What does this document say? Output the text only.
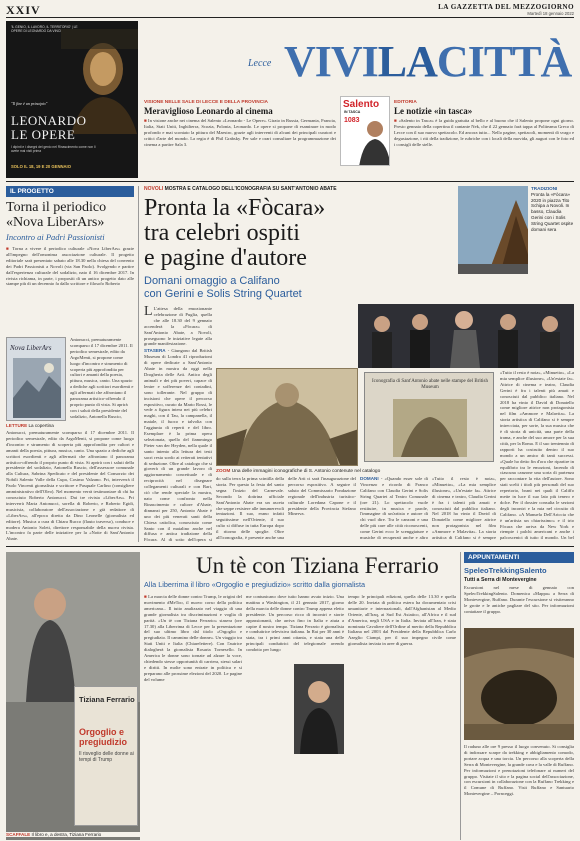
XXIV	LA GAZZETTA DEL MEZZOGIORNO
Martedì 18 gennaio 2022
Lecce VIVILACITTÀ
'IL GENIO, IL LAVORO, IL TERRITORIO' | LE OPERE DI LEONARDO DA VINCI
"Il fine è un principio"
LEONARDO
LE OPERE
I dipinti e i disegni del genio nel Rinascimento come non li avete mai visti prima
SOLO IL 18, 19 E 20 GENNAIO
VISIONE NELLE SALE DI LECCE E DELLA PROVINCIA
Meraviglioso Leonardo al cinema
■ In visione anche nei cinema del Salento «Leonardo - Le Opere». Girato in Russia, Germania, Francia, Italia, Stati Uniti, Inghilterra, Scozia, Polonia, Leonardo. Le opere si propone di esaminare in modo profondo e mai scontato la pittura del Maestro, grazie agli interventi di alcuni dei principali curatori e critici d'arte del mondo. La regia è di Phil Grabsky. Per sale e orari consultare la programmazione dei cinema a partire Sala 3.
Salento
IN TASCA
1083
EDITORIA
Le notizie «in tasca»
■ «Salento in Tasca» è la guida gratuita al bello e al buono che il Salento propone ogni giorno. Presto gennaio della copertina il cantante Nek, che il 22 gennaio farà tappa al Politeama Greco di Lecce con il suo nuovo spettacolo. Ed ancora tutto... Nello pagine, spettacoli, momenti di svago e degustazione, i riti della tradizione, le rubriche con i locali della movida, gli auguri con le foto ed i consigli delle stelle.
IL PROGETTO
Torna il periodico «Nova LiberArs»
Incontro ai Padri Passionisti
■ Torna a vivere il periodico culturale «Nova LiberArs» grazie all'impegno dell'omonima associazione culturale. Il progetto editoriale sarà presentato sabato alle 18.30 nella chiesa del convento dei Padri Passionisti a Novoli (via San Paolo). Svolgendo e partire dall'esperienza culturale del sodalizio, nato il 16 dicembre 2017. In rivista richiama, in parte, i propositi di un antico progetto dato alle stampe più di un decennio fa dallo scrittore e filosofo Roberto
Nova LiberArs
Antonucci, prematuramente scomparso il 17 dicembre 2011. Il periodico semestrale, edito da ArgoMenti, si propone come luogo d'incontro e strumento di scoperta più approfondita per cultori e amanti della poesia, pittura, musica, canto. Una spazio a dediche agli scrittori esordienti e agli affermati che affrontano il panorama artistico-offrendo il proprio punto di vista. Si aprirà con i saluti della presidente del sodalizio, Antonella Ruscio,
LETTURE La copertina
Antonucci, prematuramente scomparso il 17 dicembre 2011. Il periodico semestrale, edito da ArgoMenti, si propone come luogo d'incontro e strumento di scoperta più approfondita per cultori e amanti della poesia, pittura, musica, canto. Una spazio a dediche agli scrittori esordienti e agli affermati che affrontano il panorama artistico-offrendo il proprio punto di vista. Si aprirà con i saluti della presidente del sodalizio, Antonella Ruscio, dell'assessore comunale alla Cultura, Sabrina Spedicato e del presidente del Consorzio dei Nobili Salento Valle della Cupa, Cosimo Valzano. Pri, interverrà il Paolo Vincenti giornalista e scrittore e Pasquale Carlino (consigliere amministrativo dell'Oleo). Nel momento verrà testimoniare di chi ha conosciuto Roberto Antonucci. Dai tre rivista «LiberArs». Pri interverrà Maria Antonucci, sorella di Roberto, e Roberto Egidi, musicista, collaboratore dell'associazione e già redattore di «LiberArs», all'epoca diretta da Dino Leonelle (giornalista ed editore). Musica a cura di Chiara Rucco (flauto traverso), conduce e modera Antonio Soleti, direttore responsabile della nuova rivista. L'incontro fa parte delle iniziative per la «Notte di Sant'Antonio Abate.
NOVOLI MOSTRA E CATALOGO DELL'ICONOGRAFIA SU SANT'ANTONIO ABATE
Pronta la «Fòcara»
tra celebri ospiti
e pagine d'autore
Domani omaggio a Califano
con Gerini e Solis String Quartet
TRADIZIONI
Pronta la «Fòcara» 2020 in piazza Tito Schipa a Novoli. In basso, Claudia Gerini con i Solis String Quartet ospite domani sera

L L'attesa della emozionante celebrazione di Puglia, quella che alle 18.30 del 9 gennaio accenderà la «Fòcara» di Sant'Antonio Abate, a Novoli, proseguono le iniziative legate alla grande manifestazione.

STASERA - Giungono dal British Museum di Londra 41 riproduzioni di opere dedicate a Sant'Antonio Abate in mostra da oggi nella Drogheria delle Arti. Antico degli animali e dei più poveri, capace di lenire e sofferenze dei contadini, sono tollerante. Nel gruppo di incisioni che opere il percorso espositivo, curato da Mario Rossi, le vede a figura intera nei più celebri maghi, con il Tau, la campanella, il maiale, il fuoco e talvolta con l'aggiunta di reperti e del libro. Esemplare è la prima opera selezionata, quello del fiammingo Pieter van der Heyden, nella quale il santo intento alla lettura dei testi sacri resta sordo ai reiterati tentativi di seduzione. Oltre al catalogo che si gioverà di un grande lavoro di aggiornamento concettuale e di reciprocità nel disegnare collegamenti culturali e con Bari, ciò che rende speciale la mostra, nato come confronto nella Rinascimento e cultore d'Abate, dinnanzi per 250, Antonio Abate è uno dei più venerati santi della Chiesa cattolica, conosciuto come Santo con il maialino anche nel diffusa e antica tradizione della Fòcara. Al di sotto dell'opera si

Iconografia di Sant'Antonio abate nelle stampe del British Museum
ZOOM Una delle immagini iconografiche di S. Antonio contenute nel catalogo
do sulla terra la prima scintilla della storia. Per questo la festa del santo segna l'inizio del Carnevale. Secondo la dottrina ufficiale Sant'Antonio Abate era un asceta che seppe resistere alle innumerevoli tentazioni. Il suo, erano infatti seguitissime nell'Oriente, il suo culto si diffuse in tutta Europa dopo il ritorno delle spoglie. Oltre all'iconografia, è presente anche una
delle Arti ci sarà l'inaugurazione del percorso espositivo. A seguire il saluto del Commissario Fondazione regionale dell'industria turistico-culturale Loredana Capone e il presidente della Provincia Stefano Minerva.

DOMANI - «Quando esser sole di Vincenzo e ricordo di Franco Califano con Claudia Gerini e Solis String Quartet al Teatro Comunale (ore 21). Lo spettacolo vuole restituire, in musica e parole, l'immagine di un'artista e autore di chi vuol dire. Tra le canzoni e una delle più care alle città riconoscenti, come Gerini ecco le scenggiature e musiche di recuperati anche e altro

«Tutto il resto è noia», «Minuetto», «La mia semplice illusione», «Un'estate fa». Attrice di cinema e teatro, Claudia Gerini è fra i talenti più amati e conosciuti dal pubblico italiano. Nel 2018 ha vinto il David di Donatello come migliore attrice non protagonista nel film «Ammore e Malavita». La storia artistica di Califano si è sempre intrecciata, per sorte, la sua musica che è di storia di unicità, una parte della trama, e anche del suo amore per la sua città, per la Roma. E il suo trentennio di rapporti ha costruito dentro il suo mondo a un amico di tanti successi. «Quale ho detto fin d'ora che ripartire in equilibrio tra le emozioni, facendo di ciascuna canzone una sorta di partenza per raccontare la vita dell'autore. Sono stati scelti i titoli più personali del suo repertorio, brani nei quali il Califfo mette in luce il suo lato più tenero e dolce. Per il dossier consulta le sezioni degli incontri e la mia nel circuito di Califano. «A Manuela Dell'Ariccia che è un'artista un chiarissimo» e il trio Fòcara che arriva da New York e riempie i palchi americani e anche i palcoscenici di tutto il mondo. Un bel
«Tutto il resto è noia», «Minuetto», «La mia semplice illusione», «Un'estate fa». Attrice di cinema e teatro, Claudia Gerini è fra i talenti più amati e conosciuti dal pubblico italiano. Nel 2018 ha vinto il David di Donatello come migliore attrice non protagonista nel film «Ammore e Malavita». La storia artistica di Califano si è sempre
Tiziana Ferrario
Orgoglio e pregiudizio
Il risveglio delle donne ai tempi di Trump
SCAFFALE Il libro e, a destra, Tiziana Ferrario
Un tè con Tiziana Ferrario
Alla Liberrima il libro «Orgoglio e pregiudizio» scritto dalla giornalista
■ La marcia delle donne contro Trump, le origini del movimento #MeToo, il nuovo corso della politica americana... Il tutto analizzato nel viaggio di una grande giornalista tra discriminazioni e voglia di parità. «Un tè con Tiziana Ferrario» stasera (ore 17.30) alla Liberrima di Lecce per la presentazione del suo ultimo libro dal titolo «Orgoglio e pregiudizio. Il cammino delle donne». Un viaggio tra Stati Uniti e Italia (Chiarelettere). Con l'autrice dialogherà la giornalista Rosaria Tornesello. In America le donne sono tornate ad alzare la voce, chiedendo stesse opportunità di carriera, stessi salari e diritti. In molte sono entrate in politica e si preparano alle prossime elezioni del 2020. Le pagine del volume
me contunicano dove tutto hanno avuto inizio. Una mattina a Washington, il 21 gennaio 2017, giorno della marcia delle donne contro Trump appena eletto presidente. Un percorso ricco di incontri e storie appassionanti, che arriva fino in Italia e aiuta a capire il nostro tempo. Tiziana Ferrario è giornalista e conduttrice televisiva italiana. In Rai per 30 anni è stata, tra i primi anni ottanta, e stata una delle principali conduttrici del telegiornale avendo condotto per lungo
tempo le principali edizioni, quella delle 13.30 e quella delle 20. Inviata di politica estera ha documentato crisi umanitarie e internazionali, dall'Afghanistan al Medio Oriente, all'Iraq, ai Sud Est Asiatico, all'Africa e il sud d'America, negli USA e in Italia. Inviata all'Iran, è stata nominata Cavaliere dell'Ordine al merito della Repubblica Italiana nel 2003 dal Presidente della Repubblica Carlo Azeglio Ciampi, per il suo impegno civile come giornalista inviata in aree di guerra.
APPUNTAMENTI
SpeleoTrekkingSalento
Tutti a Serra di Montevergine
Escursioni nel mese di gennaio con SpeleoTrekkingSalento. Domenica «Mappa» a Serra di Montevergine, Ruffano. Durante l'escursione si visiteranno le grotte e le antiche pagliare del sito. Per informazioni contattare il gruppo.
Il raduno alle ore 9 presso il luogo convenuto. Si consiglia di indossare scarpe da trekking e abbigliamento comodo, portare acqua e una torcia. Un percorso alla scoperta della Serra di Montevergine, la grande cava e la valle di Ruffano. Per informazioni e prenotazioni telefonare ai numeri del gruppo. Visitate il sito e la pagina social dell'associazione, con escursioni in collaborazione con la Ruffano Trekking e il Comune di Ruffano. Visit Ruffano e Santuario Montevergine – Pornceggi.
